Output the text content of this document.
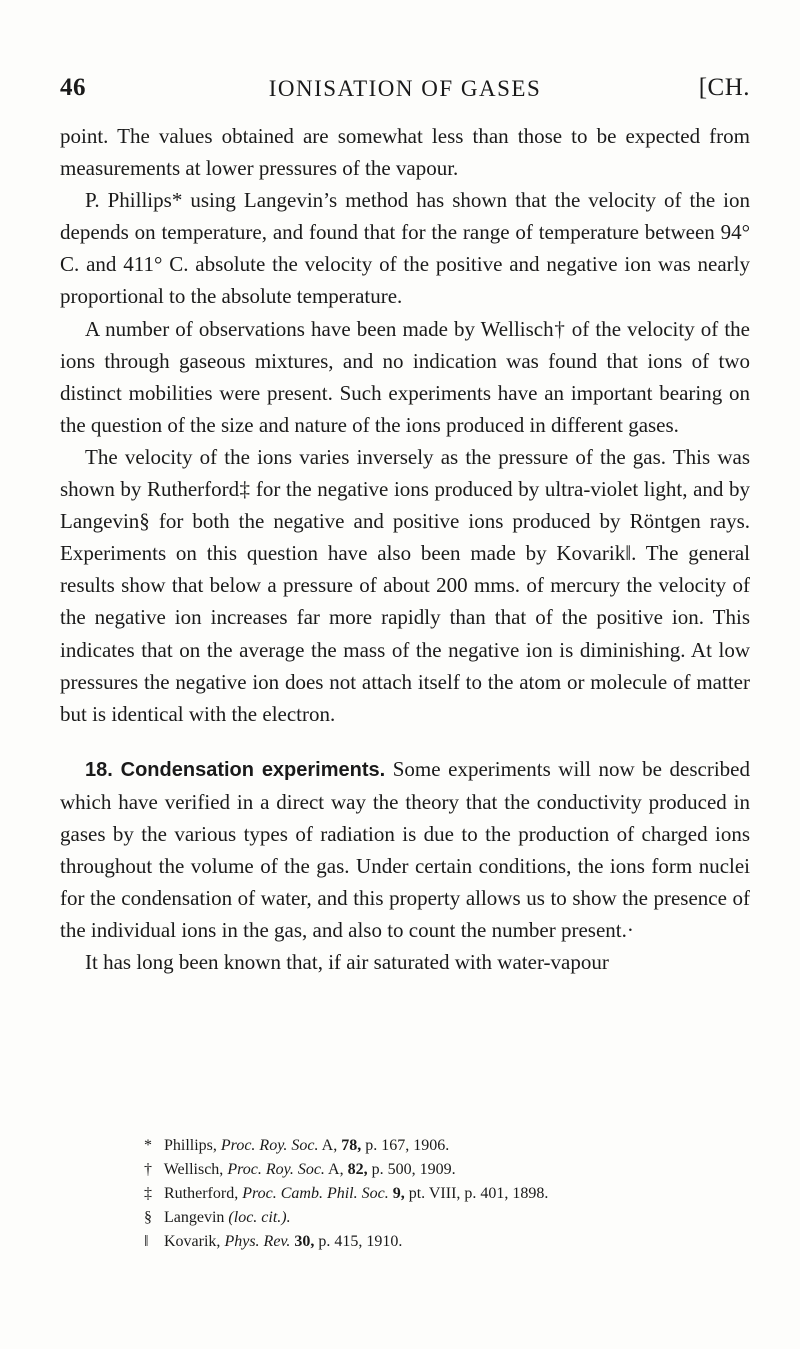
46	IONISATION OF GASES	[CH.

point. The values obtained are somewhat less than those to be expected from measurements at lower pressures of the vapour.

P. Phillips* using Langevin’s method has shown that the velocity of the ion depends on temperature, and found that for the range of temperature between 94° C. and 411° C. absolute the velocity of the positive and negative ion was nearly proportional to the absolute temperature.

A number of observations have been made by Wellisch† of the velocity of the ions through gaseous mixtures, and no indication was found that ions of two distinct mobilities were present. Such experiments have an important bearing on the question of the size and nature of the ions produced in different gases.

The velocity of the ions varies inversely as the pressure of the gas. This was shown by Rutherford‡ for the negative ions produced by ultra-violet light, and by Langevin§ for both the negative and positive ions produced by Röntgen rays. Experiments on this question have also been made by Kovarik‖. The general results show that below a pressure of about 200 mms. of mercury the velocity of the negative ion increases far more rapidly than that of the positive ion. This indicates that on the average the mass of the negative ion is diminishing. At low pressures the negative ion does not attach itself to the atom or molecule of matter but is identical with the electron.

18. Condensation experiments. Some experiments will now be described which have verified in a direct way the theory that the conductivity produced in gases by the various types of radiation is due to the production of charged ions throughout the volume of the gas. Under certain conditions, the ions form nuclei for the condensation of water, and this property allows us to show the presence of the individual ions in the gas, and also to count the number present.·

It has long been known that, if air saturated with water-vapour

* Phillips, Proc. Roy. Soc. A, 78, p. 167, 1906.
† Wellisch, Proc. Roy. Soc. A, 82, p. 500, 1909.
‡ Rutherford, Proc. Camb. Phil. Soc. 9, pt. VIII, p. 401, 1898.
§ Langevin (loc. cit.).
‖ Kovarik, Phys. Rev. 30, p. 415, 1910.
